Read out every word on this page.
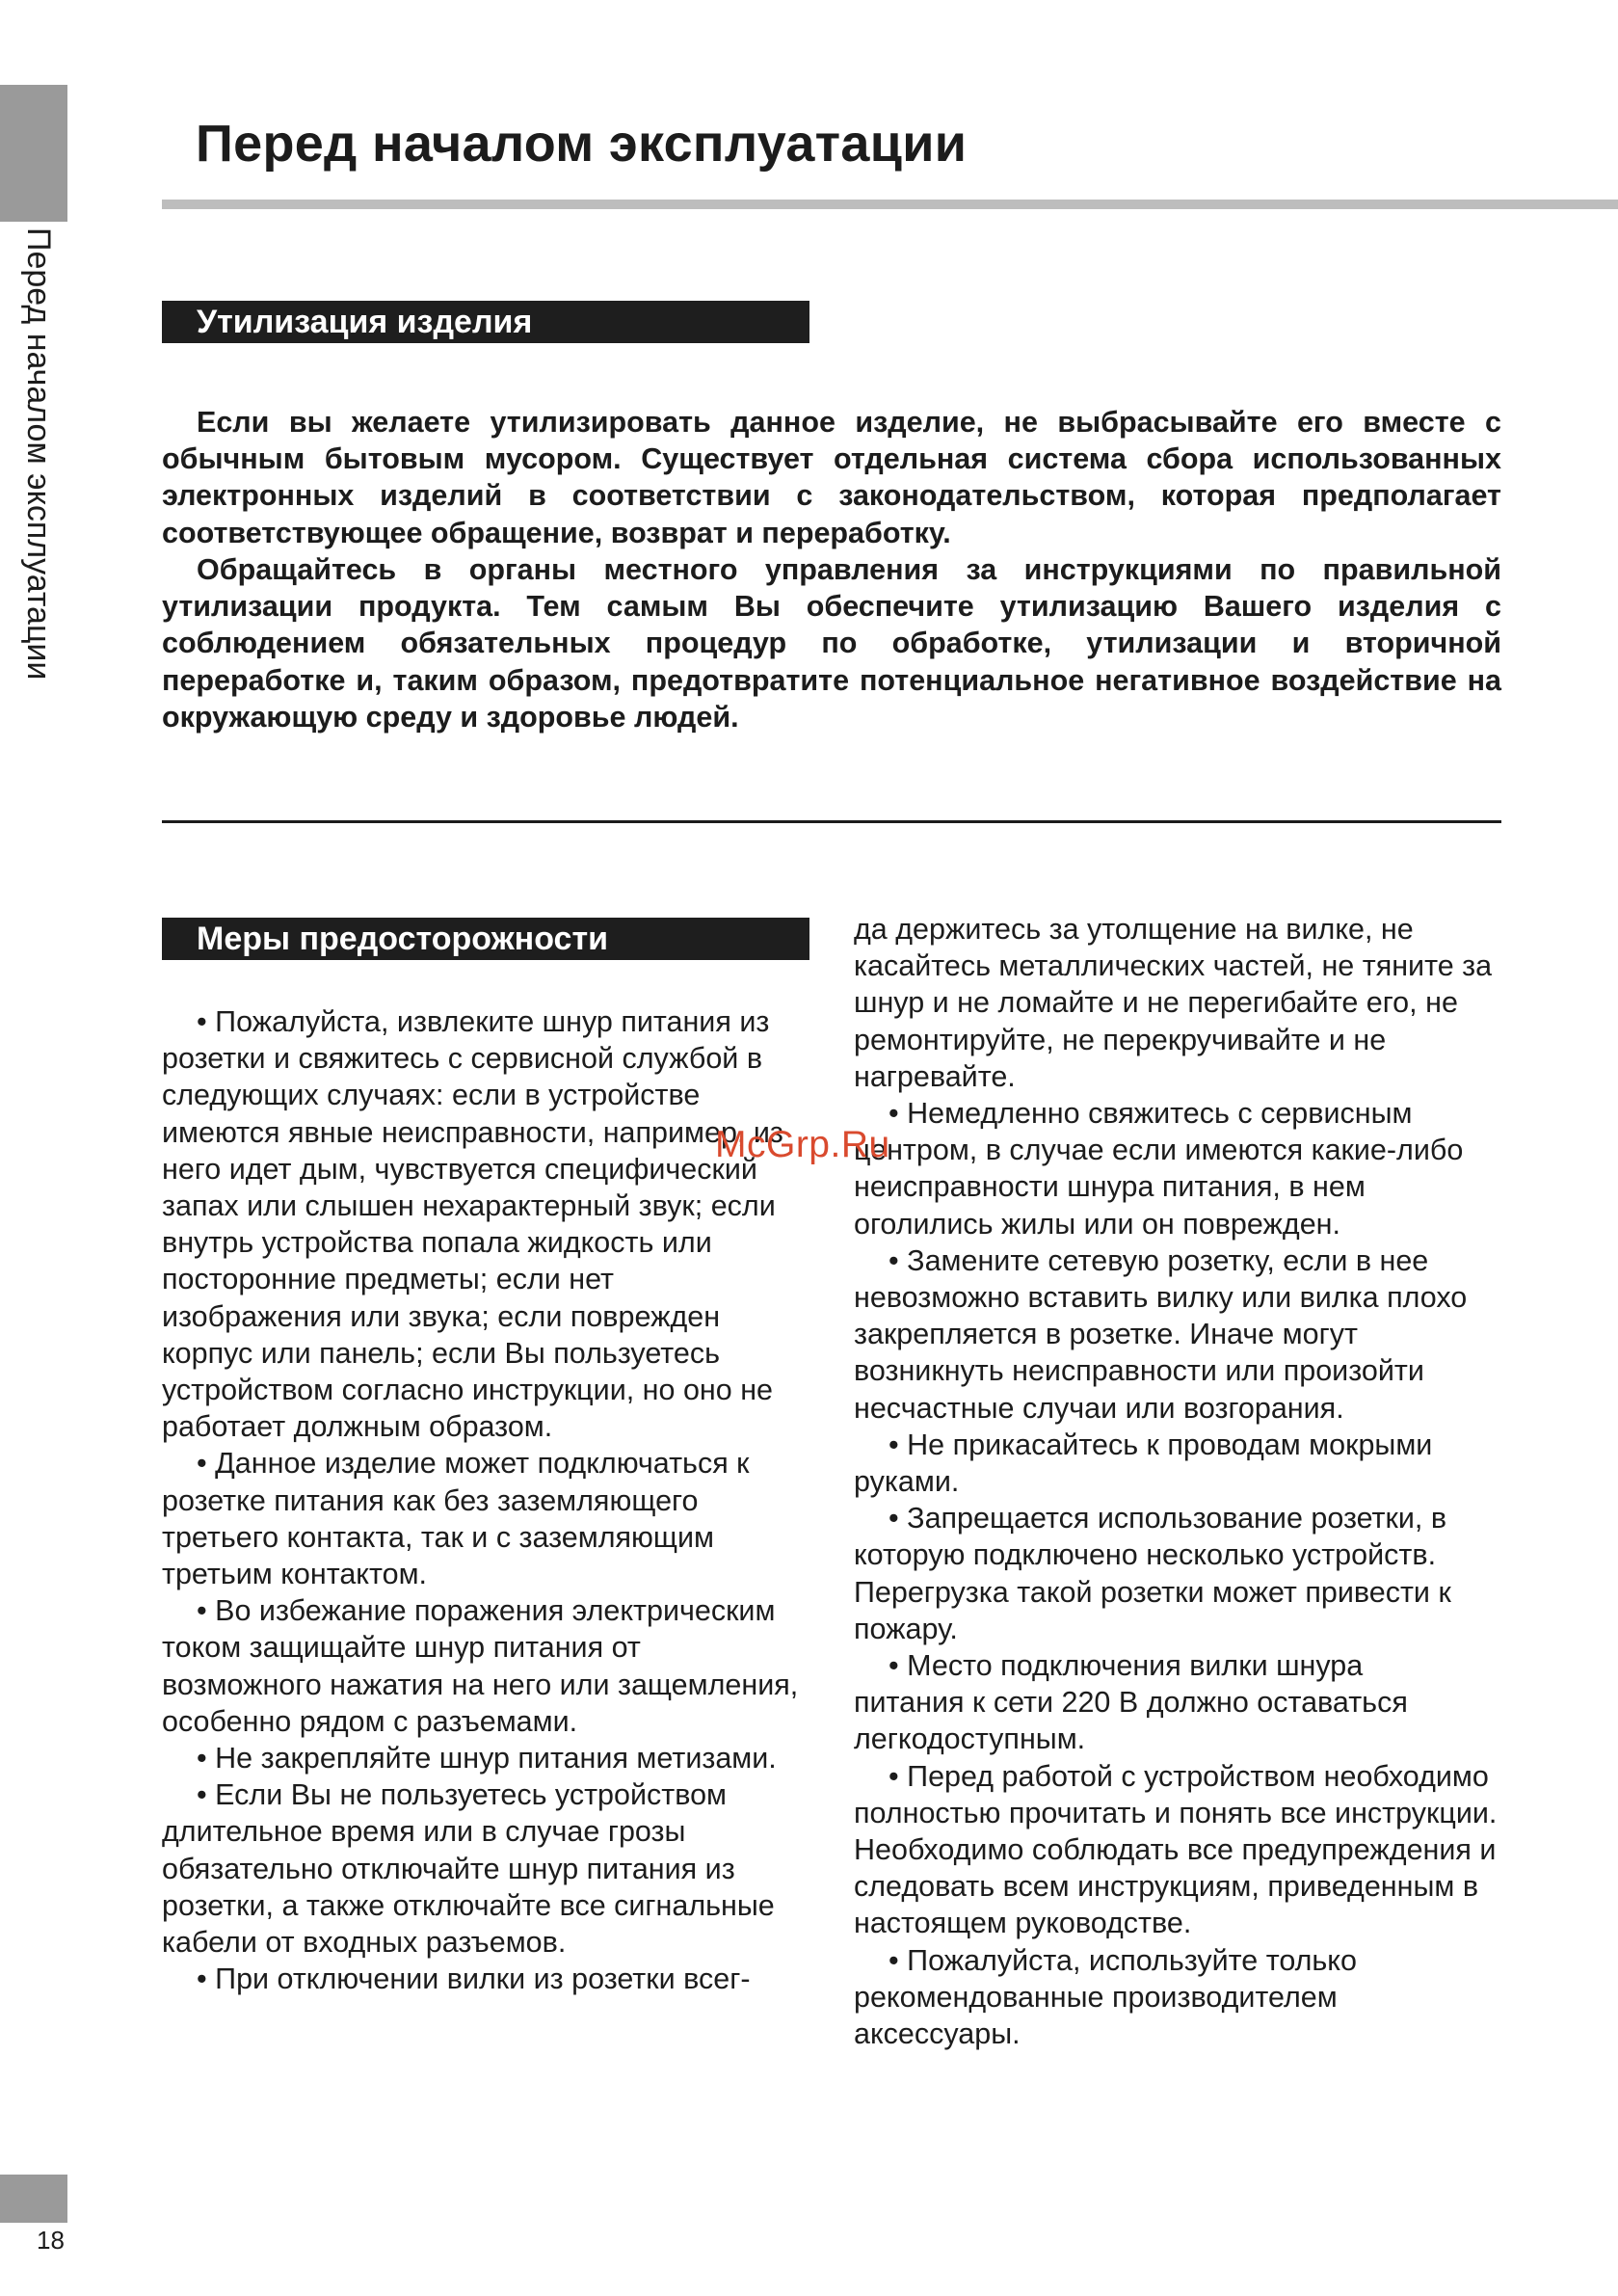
Перед началом эксплуатации
18
Перед началом эксплуатации
Утилизация изделия

Если вы желаете утилизировать данное изделие, не выбрасывайте его вместе с обычным бытовым мусором. Существует отдельная система сбора использованных электронных изделий в соответствии с законодательством, которая предполагает соответствующее обращение, возврат и переработку.

Обращайтесь в органы местного управления за инструкциями по правильной утилизации продукта. Тем самым Вы обеспечите утилизацию Вашего изделия с соблюдением обязательных процедур по обработке, утилизации и вторичной переработке и, таким образом, предотвратите потенциальное негативное воздействие на окружающую среду и здоровье людей.

Меры предосторожности

• Пожалуйста, извлеките шнур питания из розетки и свяжитесь с сервисной службой в следующих случаях: если в устройстве имеются явные неисправности, например, из него идет дым, чувствуется специфический запах или слышен нехарактерный звук; если внутрь устройства попала жидкость или посторонние предметы; если нет изображения или звука; если поврежден корпус или панель; если Вы пользуетесь устройством согласно инструкции, но оно не работает должным образом.

• Данное изделие может подключаться к розетке питания как без заземляющего третьего контакта, так и с заземляющим третьим контактом.

• Во избежание поражения электрическим током защищайте шнур питания от возможного нажатия на него или защемления, особенно рядом с разъемами.

• Не закрепляйте шнур питания метизами.

• Если Вы не пользуетесь устройством длительное время или в случае грозы обязательно отключайте шнур питания из розетки, а также отключайте все сигнальные кабели от входных разъемов.

• При отключении вилки из розетки всег-

да держитесь за утолщение на вилке, не касайтесь металлических частей, не тяните за шнур и не ломайте и не перегибайте его, не ремонтируйте, не перекручивайте и не нагревайте.

• Немедленно свяжитесь с сервисным центром, в случае если имеются какие-либо неисправности шнура питания, в нем оголились жилы или он поврежден.

• Замените сетевую розетку, если в нее невозможно вставить вилку или вилка плохо закрепляется в розетке. Иначе могут возникнуть неисправности или произойти несчастные случаи или возгорания.

• Не прикасайтесь к проводам мокрыми руками.

• Запрещается использование розетки, в которую подключено несколько устройств. Перегрузка такой розетки может привести к пожару.

• Место подключения вилки шнура питания к сети 220 В должно оставаться легкодоступным.

• Перед работой с устройством необходимо полностью прочитать и понять все инструкции. Необходимо соблюдать все предупреждения и следовать всем инструкциям, приведенным в настоящем руководстве.

• Пожалуйста, используйте только рекомендованные производителем аксессуары.

McGrp.Ru
